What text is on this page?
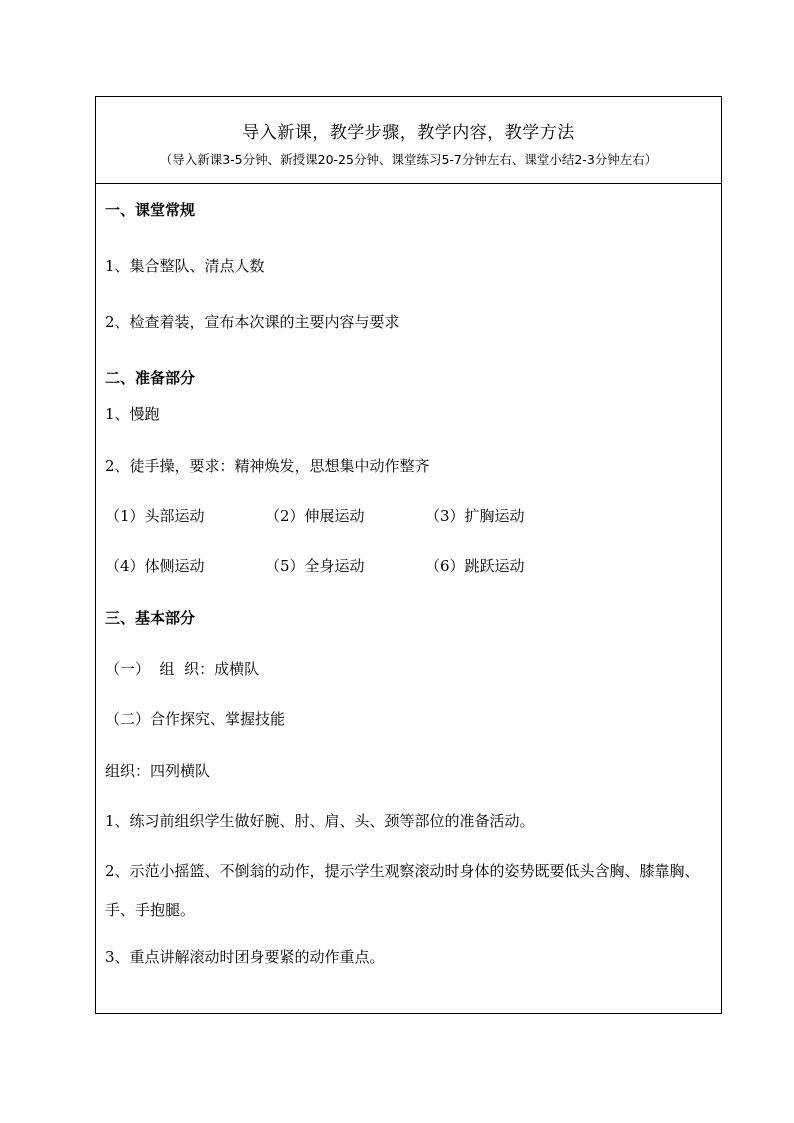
导入新课，教学步骤，教学内容，教学方法
（导入新课3-5分钟、新授课20-25分钟、课堂练习5-7分钟左右、课堂小结2-3分钟左右）
一、课堂常规
1、集合整队、清点人数
2、检查着装，宣布本次课的主要内容与要求
二、准备部分
1、慢跑
2、徒手操，要求：精神焕发，思想集中动作整齐
（1）头部运动	（2）伸展运动	（3）扩胸运动
（4）体侧运动	（5）全身运动	（6）跳跃运动
三、基本部分
（一）  组  织：成横队
（二）合作探究、掌握技能
组织：四列横队
1、练习前组织学生做好腕、肘、肩、头、颈等部位的准备活动。
2、示范小摇篮、不倒翁的动作，提示学生观察滚动时身体的姿势既要低头含胸、膝靠胸、手、手抱腿。
3、重点讲解滚动时团身要紧的动作重点。
